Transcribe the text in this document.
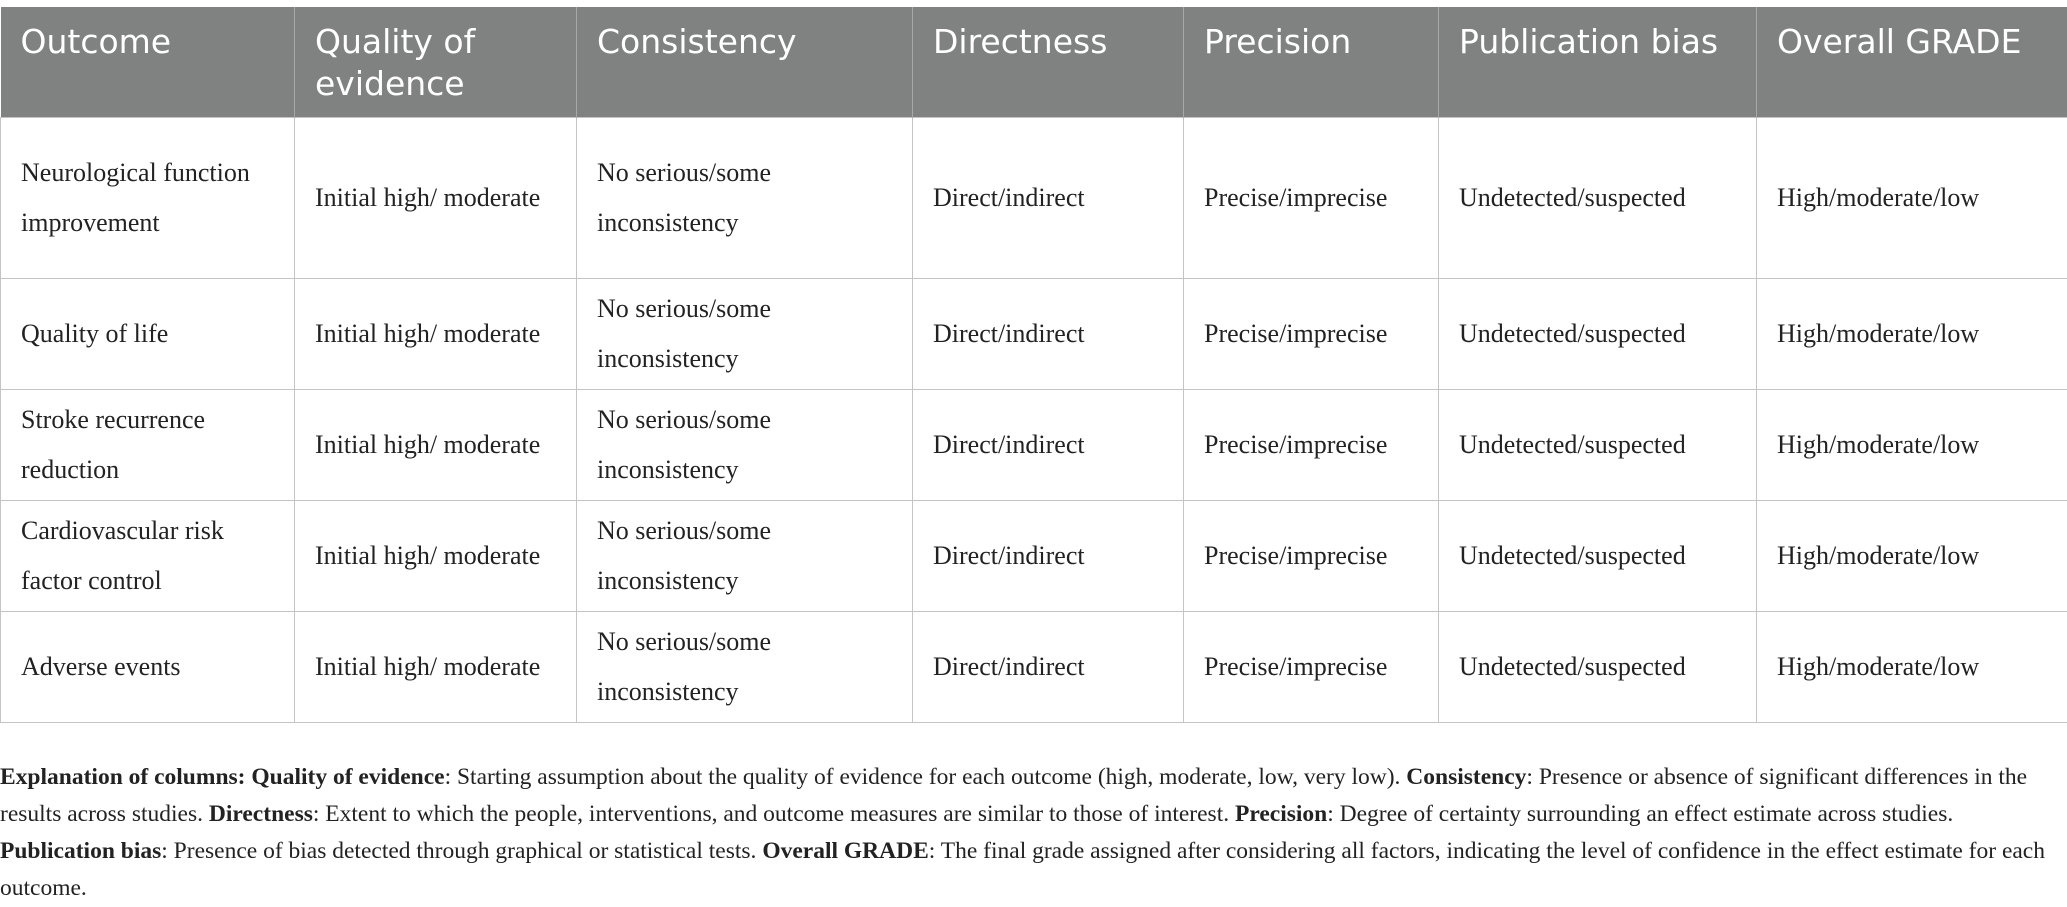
Outcome	Quality of evidence	Consistency	Directness	Precision	Publication bias	Overall GRADE
Neurological function improvement	Initial high/ moderate	No serious/some inconsistency	Direct/indirect	Precise/imprecise	Undetected/suspected	High/moderate/low
Quality of life	Initial high/ moderate	No serious/some inconsistency	Direct/indirect	Precise/imprecise	Undetected/suspected	High/moderate/low
Stroke recurrence reduction	Initial high/ moderate	No serious/some inconsistency	Direct/indirect	Precise/imprecise	Undetected/suspected	High/moderate/low
Cardiovascular risk factor control	Initial high/ moderate	No serious/some inconsistency	Direct/indirect	Precise/imprecise	Undetected/suspected	High/moderate/low
Adverse events	Initial high/ moderate	No serious/some inconsistency	Direct/indirect	Precise/imprecise	Undetected/suspected	High/moderate/low

Explanation of columns: Quality of evidence: Starting assumption about the quality of evidence for each outcome (high, moderate, low, very low). Consistency: Presence or absence of significant differences in the results across studies. Directness: Extent to which the people, interventions, and outcome measures are similar to those of interest. Precision: Degree of certainty surrounding an effect estimate across studies. Publication bias: Presence of bias detected through graphical or statistical tests. Overall GRADE: The final grade assigned after considering all factors, indicating the level of confidence in the effect estimate for each outcome.
